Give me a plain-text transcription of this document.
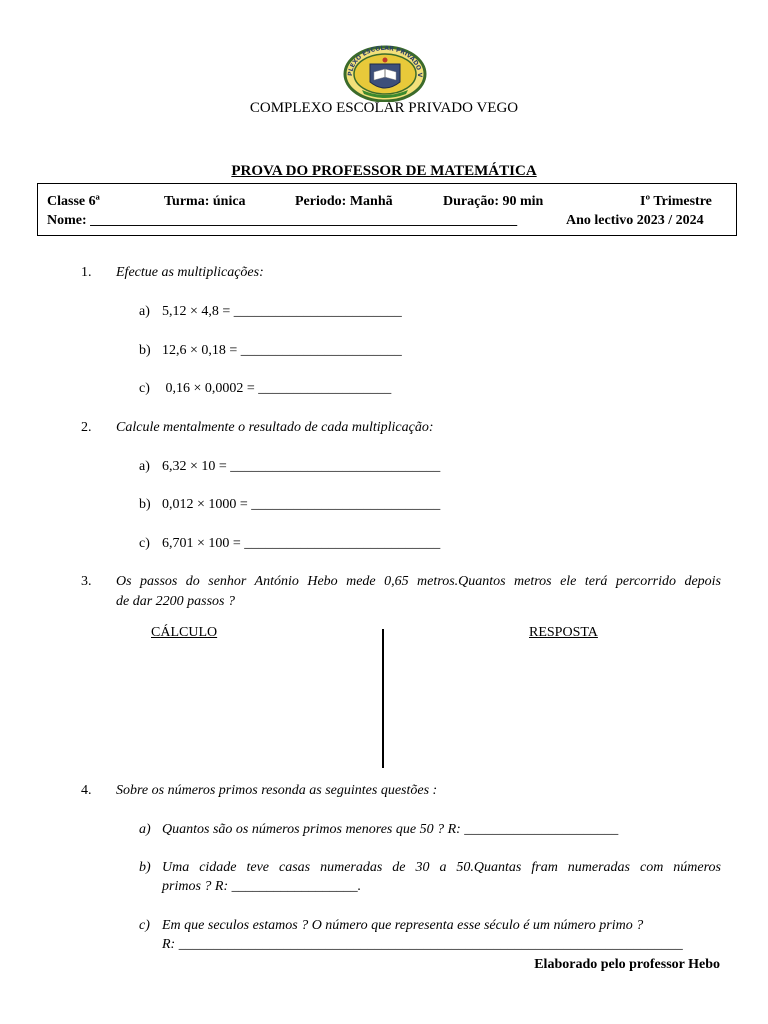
PLEXO ESCOLAR PRIVADO V
COMPLEXO ESCOLAR PRIVADO VEGO
PROVA DO PROFESSOR DE MATEMÁTICA
Classe 6ª	Turma: única	Periodo: Manhã	Duração: 90 min	Iº Trimestre
Nome: _____________________________________________________________	Ano lectivo 2023 / 2024
1. Efectue as multiplicações:
a) 5,12 × 4,8 = ________________________
b) 12,6 × 0,18 = _______________________
c) 0,16 × 0,0002 = ___________________
2. Calcule mentalmente o resultado de cada multiplicação:
a) 6,32 × 10 = ______________________________
b) 0,012 × 1000 = ___________________________
c) 6,701 × 100 = ____________________________
3. Os passos do senhor António Hebo mede 0,65 metros.Quantos metros ele terá percorrido depois
de dar 2200 passos ?
CÁLCULO	RESPOSTA
4. Sobre os números primos resonda as seguintes questões :
a) Quantos são os números primos menores que 50 ? R: ______________________
b) Uma cidade teve casas numeradas de 30 a 50.Quantas fram numeradas com números
primos ? R: __________________.
c) Em que seculos estamos ? O número que representa esse século é um número primo ?
R: ________________________________________________________________________
Elaborado pelo professor Hebo
